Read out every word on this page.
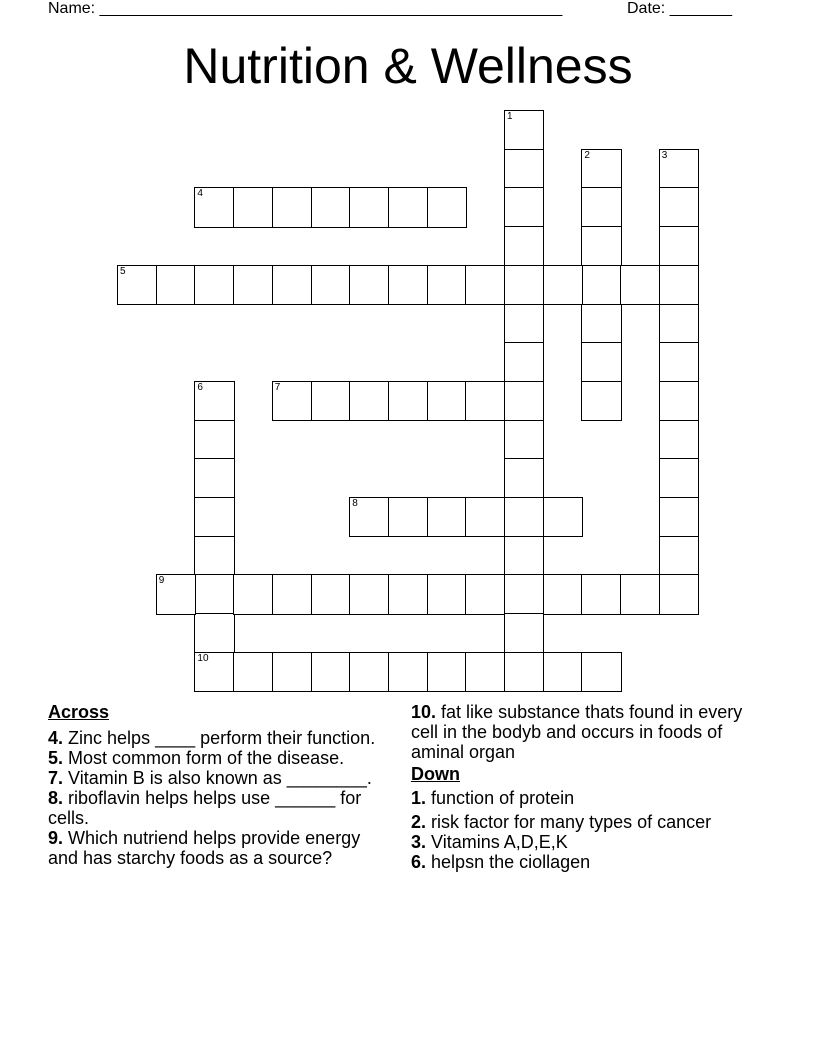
Name: ____________________________________________________	Date: _______
Nutrition & Wellness
1
2	3
4
5
6
10
7
8
9
Across
4. Zinc helps ____ perform their function.
5. Most common form of the disease.
7. Vitamin B is also known as ________.
8. riboflavin helps helps use ______ for cells.
9. Which nutriend helps provide energy and has starchy foods as a source?
10. fat like substance thats found in every cell in the bodyb and occurs in foods of aminal organ
Down
1. function of protein
2. risk factor for many types of cancer
3. Vitamins A,D,E,K
6. helpsn the ciollagen
